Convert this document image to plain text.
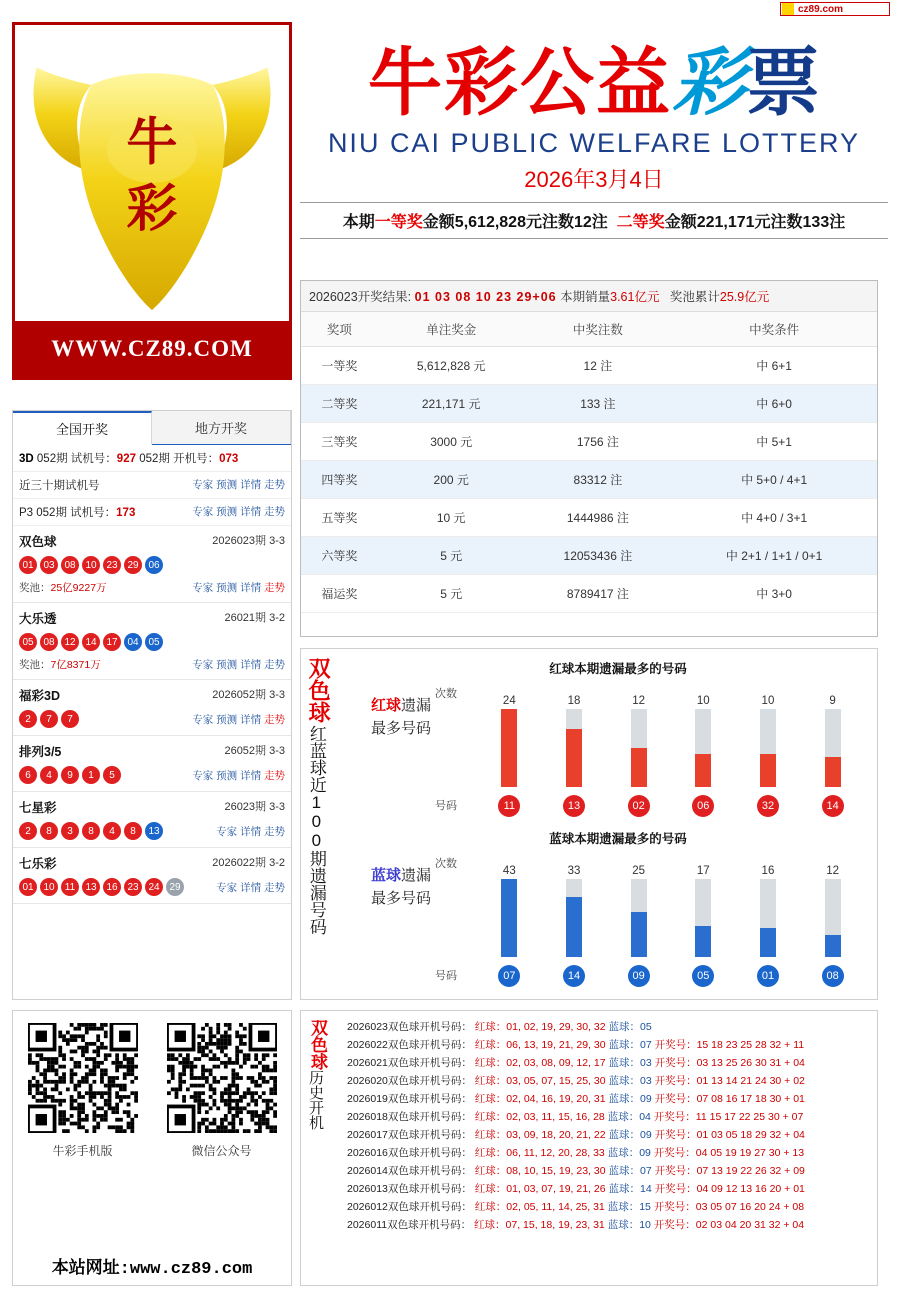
cz89.com
牛
彩
WWW.CZ89.COM
牛彩公益 彩 票
NIU CAI PUBLIC WELFARE LOTTERY
2026年3月4日
本期一等奖金额5,612,828元注数12注 二等奖金额221,171元注数133注
2026023开奖结果: 01 03 08 10 23 29+06 本期销量3.61亿元 奖池累计25.9亿元
奖项	单注奖金	中奖注数	中奖条件
一等奖	5,612,828 元	12 注	中 6+1
二等奖	221,171 元	133 注	中 6+0
三等奖	3000 元	1756 注	中 5+1
四等奖	200 元	83312 注	中 5+0 / 4+1
五等奖	10 元	1444986 注	中 4+0 / 3+1
六等奖	5 元	12053436 注	中 2+1 / 1+1 / 0+1
福运奖	5 元	8789417 注	中 3+0
全国开奖	地方开奖
3D 052期 试机号：927 052期 开机号：073
近三十期试机号	专家 预测 详情 走势
P3 052期 试机号：173	专家 预测 详情 走势
双色球	2026023期 3-3
01 03 08 10 23 29 06
奖池：25亿9227万	专家 预测 详情 走势
大乐透	26021期 3-2
05 08 12 14 17 04 05
奖池：7亿8371万	专家 预测 详情 走势
福彩3D	2026052期 3-3
2	7	7	专家 预测 详情 走势
排列3/5	26052期 3-3
6	4	9	1	5	专家 预测 详情 走势
七星彩	26023期 3-3
2	8	3	8	4	8	13	专家 详情 走势
七乐彩	2026022期 3-2
01 10	11	13 16 23 24 29	专家 详情 走势
牛彩手机版	微信公众号
本站网址:www.cz89.com
双色球
红蓝球近100期遗漏号码
红球本期遗漏最多的号码
红球遗漏
最多号码
次数
号码
24	18	12	10	10	9
11	13	02	06	32	14
蓝球本期遗漏最多的号码
蓝球遗漏
最多号码
次数
号码
43	33	25	17	16	12
07	14	09	05	01	08
双色球
历史开机
2026023双色球开机号码： 红球：01, 02, 19, 29, 30, 32 蓝球：05
2026022双色球开机号码： 红球：06, 13, 19, 21, 29, 30 蓝球：07 开奖号：15 18 23 25 28 32 + 11
2026021双色球开机号码： 红球：02, 03, 08, 09, 12, 17 蓝球：03 开奖号：03 13 25 26 30 31 + 04
2026020双色球开机号码： 红球：03, 05, 07, 15, 25, 30 蓝球：03 开奖号：01 13 14 21 24 30 + 02
2026019双色球开机号码： 红球：02, 04, 16, 19, 20, 31 蓝球：09 开奖号：07 08 16 17 18 30 + 01
2026018双色球开机号码： 红球：02, 03, 11, 15, 16, 28 蓝球：04 开奖号：11 15 17 22 25 30 + 07
2026017双色球开机号码： 红球：03, 09, 18, 20, 21, 22 蓝球：09 开奖号：01 03 05 18 29 32 + 04
2026016双色球开机号码： 红球：06, 11, 12, 20, 28, 33 蓝球：09 开奖号：04 05 19 19 27 30 + 13
2026014双色球开机号码： 红球：08, 10, 15, 19, 23, 30 蓝球：07 开奖号：07 13 19 22 26 32 + 09
2026013双色球开机号码： 红球：01, 03, 07, 19, 21, 26 蓝球：14 开奖号：04 09 12 13 16 20 + 01
2026012双色球开机号码： 红球：02, 05, 11, 14, 25, 31 蓝球：15 开奖号：03 05 07 16 20 24 + 08
2026011双色球开机号码： 红球：07, 15, 18, 19, 23, 31 蓝球：10 开奖号：02 03 04 20 31 32 + 04
